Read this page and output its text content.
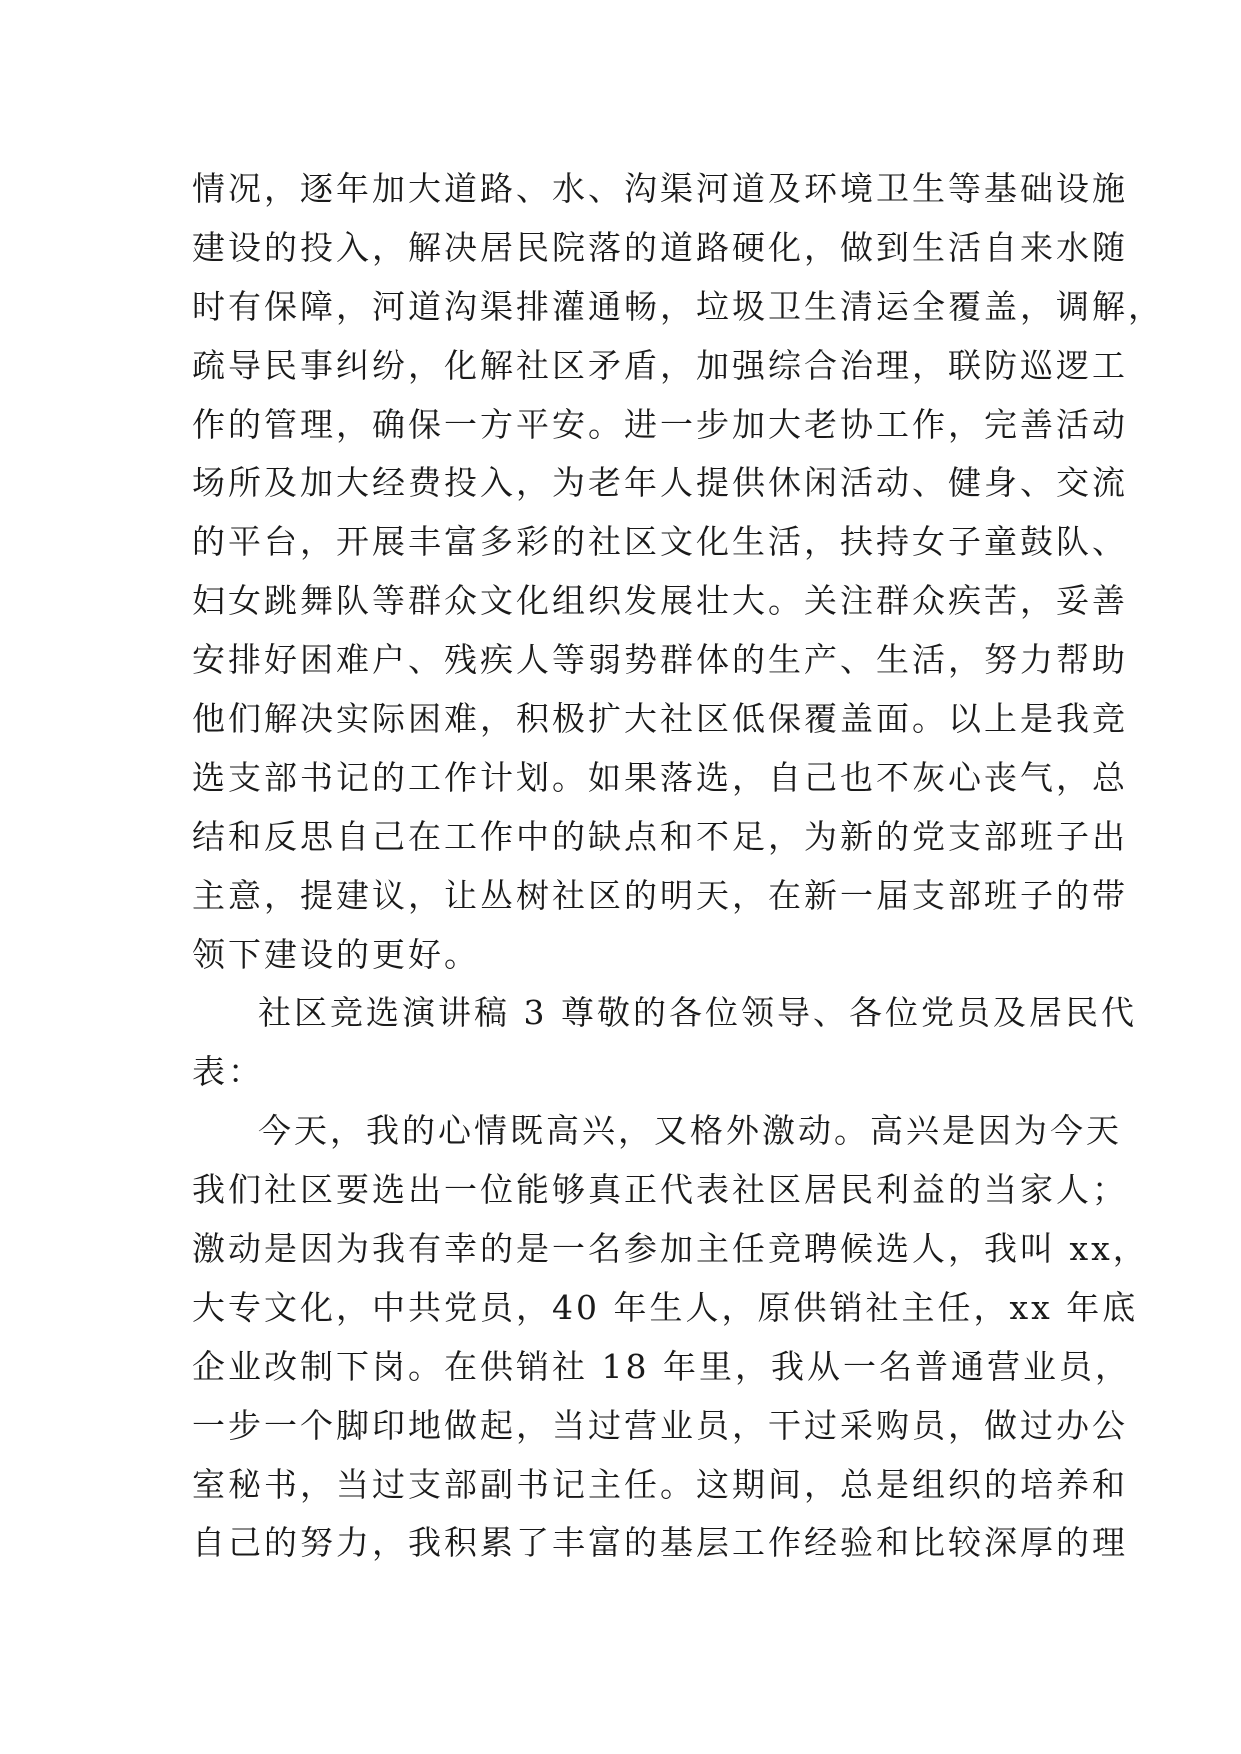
情况，逐年加大道路、水、沟渠河道及环境卫生等基础设施
建设的投入，解决居民院落的道路硬化，做到生活自来水随
时有保障，河道沟渠排灌通畅，垃圾卫生清运全覆盖，调解，
疏导民事纠纷，化解社区矛盾，加强综合治理，联防巡逻工
作的管理，确保一方平安。进一步加大老协工作，完善活动
场所及加大经费投入，为老年人提供休闲活动、健身、交流
的平台，开展丰富多彩的社区文化生活，扶持女子童鼓队、
妇女跳舞队等群众文化组织发展壮大。关注群众疾苦，妥善
安排好困难户、残疾人等弱势群体的生产、生活，努力帮助
他们解决实际困难，积极扩大社区低保覆盖面。以上是我竞
选支部书记的工作计划。如果落选，自己也不灰心丧气，总
结和反思自己在工作中的缺点和不足，为新的党支部班子出
主意，提建议，让丛树社区的明天，在新一届支部班子的带
领下建设的更好。
社区竞选演讲稿 3 尊敬的各位领导、各位党员及居民代
表：
今天，我的心情既高兴，又格外激动。高兴是因为今天
我们社区要选出一位能够真正代表社区居民利益的当家人；
激动是因为我有幸的是一名参加主任竞聘候选人，我叫 xx，
大专文化，中共党员，40 年生人，原供销社主任，xx 年底
企业改制下岗。在供销社 18 年里，我从一名普通营业员，
一步一个脚印地做起，当过营业员，干过采购员，做过办公
室秘书，当过支部副书记主任。这期间，总是组织的培养和
自己的努力，我积累了丰富的基层工作经验和比较深厚的理
